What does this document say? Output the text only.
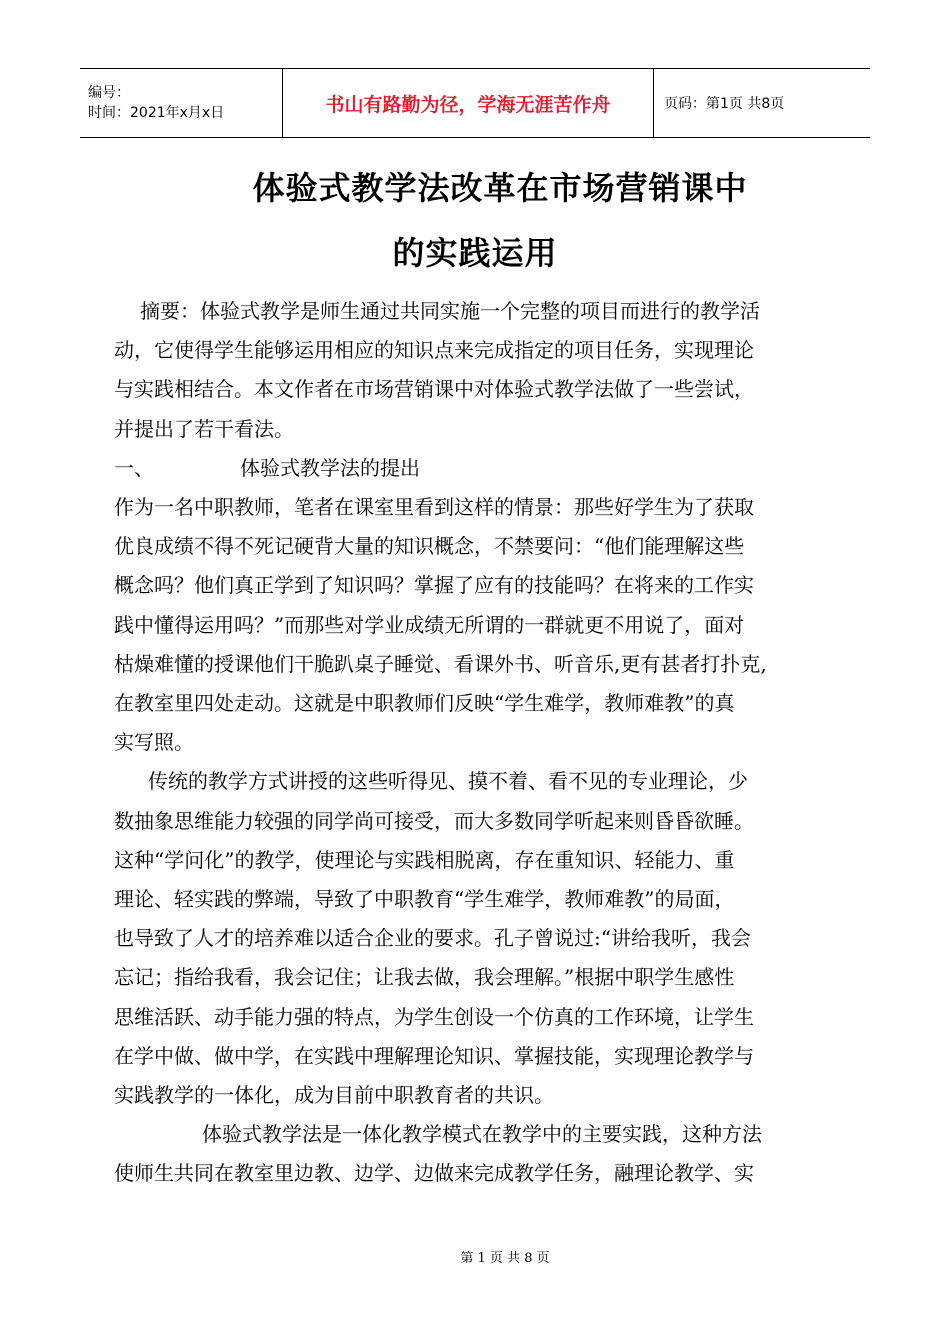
编号：
时间：2021年x月x日	书山有路勤为径，学海无涯苦作舟	页码：第1页 共8页
体验式教学法改革在市场营销课中
的实践运用

摘要：体验式教学是师生通过共同实施一个完整的项目而进行的教学活

动，它使得学生能够运用相应的知识点来完成指定的项目任务，实现理论

与实践相结合。本文作者在市场营销课中对体验式教学法做了一些尝试，

并提出了若干看法。

一、	体验式教学法的提出

作为一名中职教师，笔者在课室里看到这样的情景：那些好学生为了获取

优良成绩不得不死记硬背大量的知识概念，不禁要问：“他们能理解这些

概念吗？他们真正学到了知识吗？掌握了应有的技能吗？在将来的工作实

践中懂得运用吗？”而那些对学业成绩无所谓的一群就更不用说了，面对

枯燥难懂的授课他们干脆趴桌子睡觉、看课外书、听音乐,更有甚者打扑克,

在教室里四处走动。这就是中职教师们反映“学生难学，教师难教”的真

实写照。

传统的教学方式讲授的这些听得见、摸不着、看不见的专业理论，少

数抽象思维能力较强的同学尚可接受，而大多数同学听起来则昏昏欲睡。

这种“学问化”的教学，使理论与实践相脱离，存在重知识、轻能力、重

理论、轻实践的弊端，导致了中职教育“学生难学，教师难教”的局面，

也导致了人才的培养难以适合企业的要求。孔子曾说过:“讲给我听，我会

忘记；指给我看，我会记住；让我去做，我会理解。”根据中职学生感性

思维活跃、动手能力强的特点，为学生创设一个仿真的工作环境，让学生

在学中做、做中学，在实践中理解理论知识、掌握技能，实现理论教学与

实践教学的一体化，成为目前中职教育者的共识。

体验式教学法是一体化教学模式在教学中的主要实践，这种方法

使师生共同在教室里边教、边学、边做来完成教学任务，融理论教学、实

第 1 页 共 8 页
